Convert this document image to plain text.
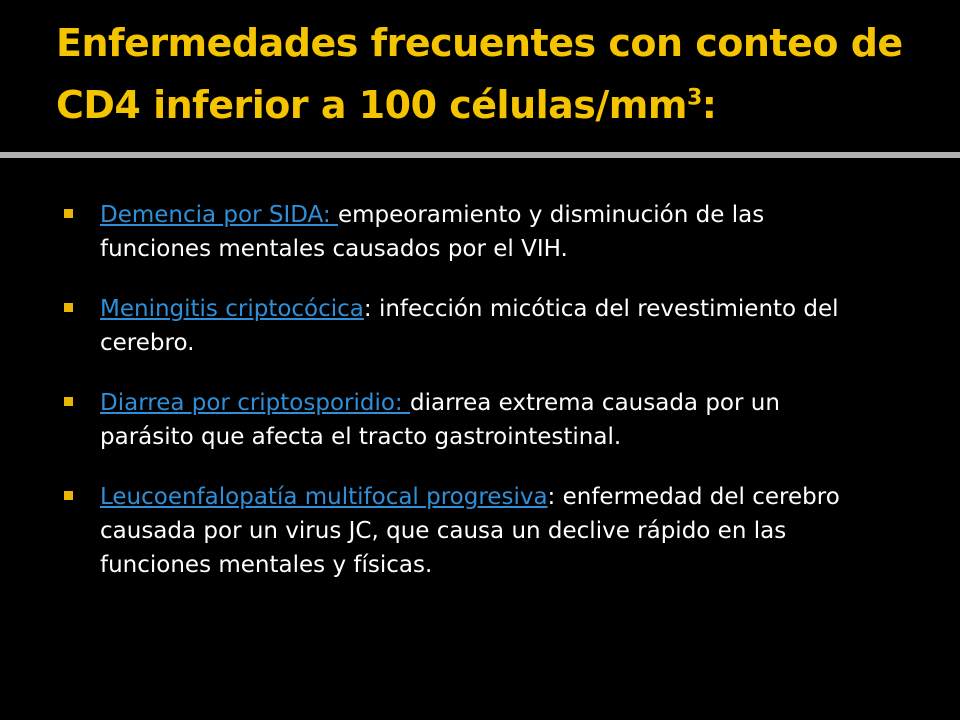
Enfermedades frecuentes con conteo de CD4 inferior a 100 células/$mm^3$:
Demencia por SIDA: empeoramiento y disminución de las funciones mentales causados por el VIH.
Meningitis criptocócica: infección micótica del revestimiento del cerebro.
Diarrea por criptosporidio: diarrea extrema causada por un parásito que afecta el tracto gastrointestinal.
Leucoenfalopatía multifocal progresiva: enfermedad del cerebro causada por un virus JC, que causa un declive rápido en las funciones mentales y físicas.
